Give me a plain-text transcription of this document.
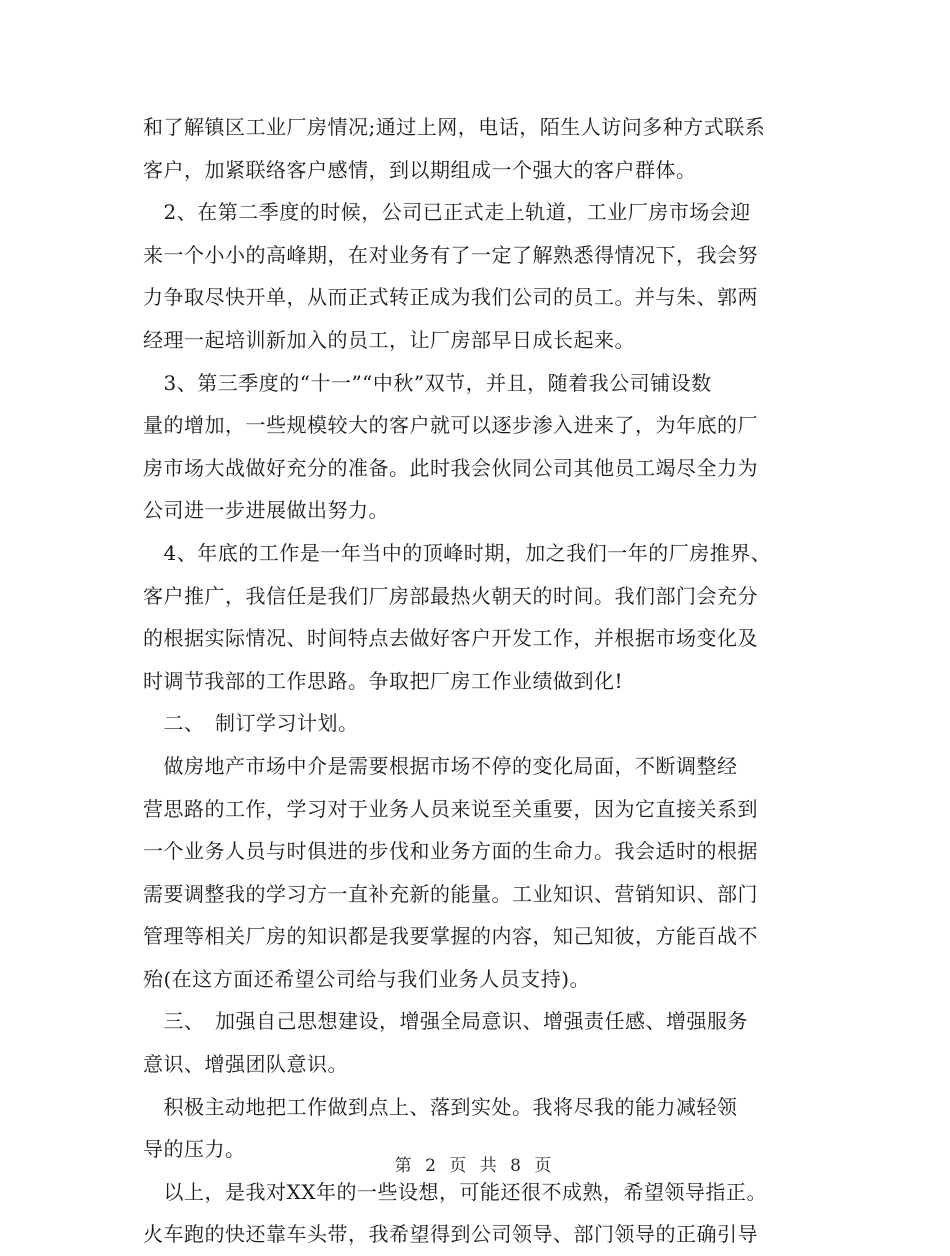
和了解镇区工业厂房情况;通过上网，电话，陌生人访问多种方式联系
客户，加紧联络客户感情，到以期组成一个强大的客户群体。
　2、在第二季度的时候，公司已正式走上轨道，工业厂房市场会迎
来一个小小的高峰期，在对业务有了一定了解熟悉得情况下，我会努
力争取尽快开单，从而正式转正成为我们公司的员工。并与朱、郭两
经理一起培训新加入的员工，让厂房部早日成长起来。
　3、第三季度的“十一”“中秋”双节，并且，随着我公司铺设数
量的增加，一些规模较大的客户就可以逐步渗入进来了，为年底的厂
房市场大战做好充分的准备。此时我会伙同公司其他员工竭尽全力为
公司进一步进展做出努力。
　4、年底的工作是一年当中的顶峰时期，加之我们一年的厂房推界、
客户推广，我信任是我们厂房部最热火朝天的时间。我们部门会充分
的根据实际情况、时间特点去做好客户开发工作，并根据市场变化及
时调节我部的工作思路。争取把厂房工作业绩做到化!
　二、　制订学习计划。
　做房地产市场中介是需要根据市场不停的变化局面，不断调整经
营思路的工作，学习对于业务人员来说至关重要，因为它直接关系到
一个业务人员与时俱进的步伐和业务方面的生命力。我会适时的根据
需要调整我的学习方一直补充新的能量。工业知识、营销知识、部门
管理等相关厂房的知识都是我要掌握的内容，知己知彼，方能百战不
殆(在这方面还希望公司给与我们业务人员支持)。
　三、　加强自己思想建设，增强全局意识、增强责任感、增强服务
意识、增强团队意识。
　积极主动地把工作做到点上、落到实处。我将尽我的能力减轻领
导的压力。
　以上，是我对XX年的一些设想，可能还很不成熟，希望领导指正。
火车跑的快还靠车头带，我希望得到公司领导、部门领导的正确引导
第 2 页 共 8 页
